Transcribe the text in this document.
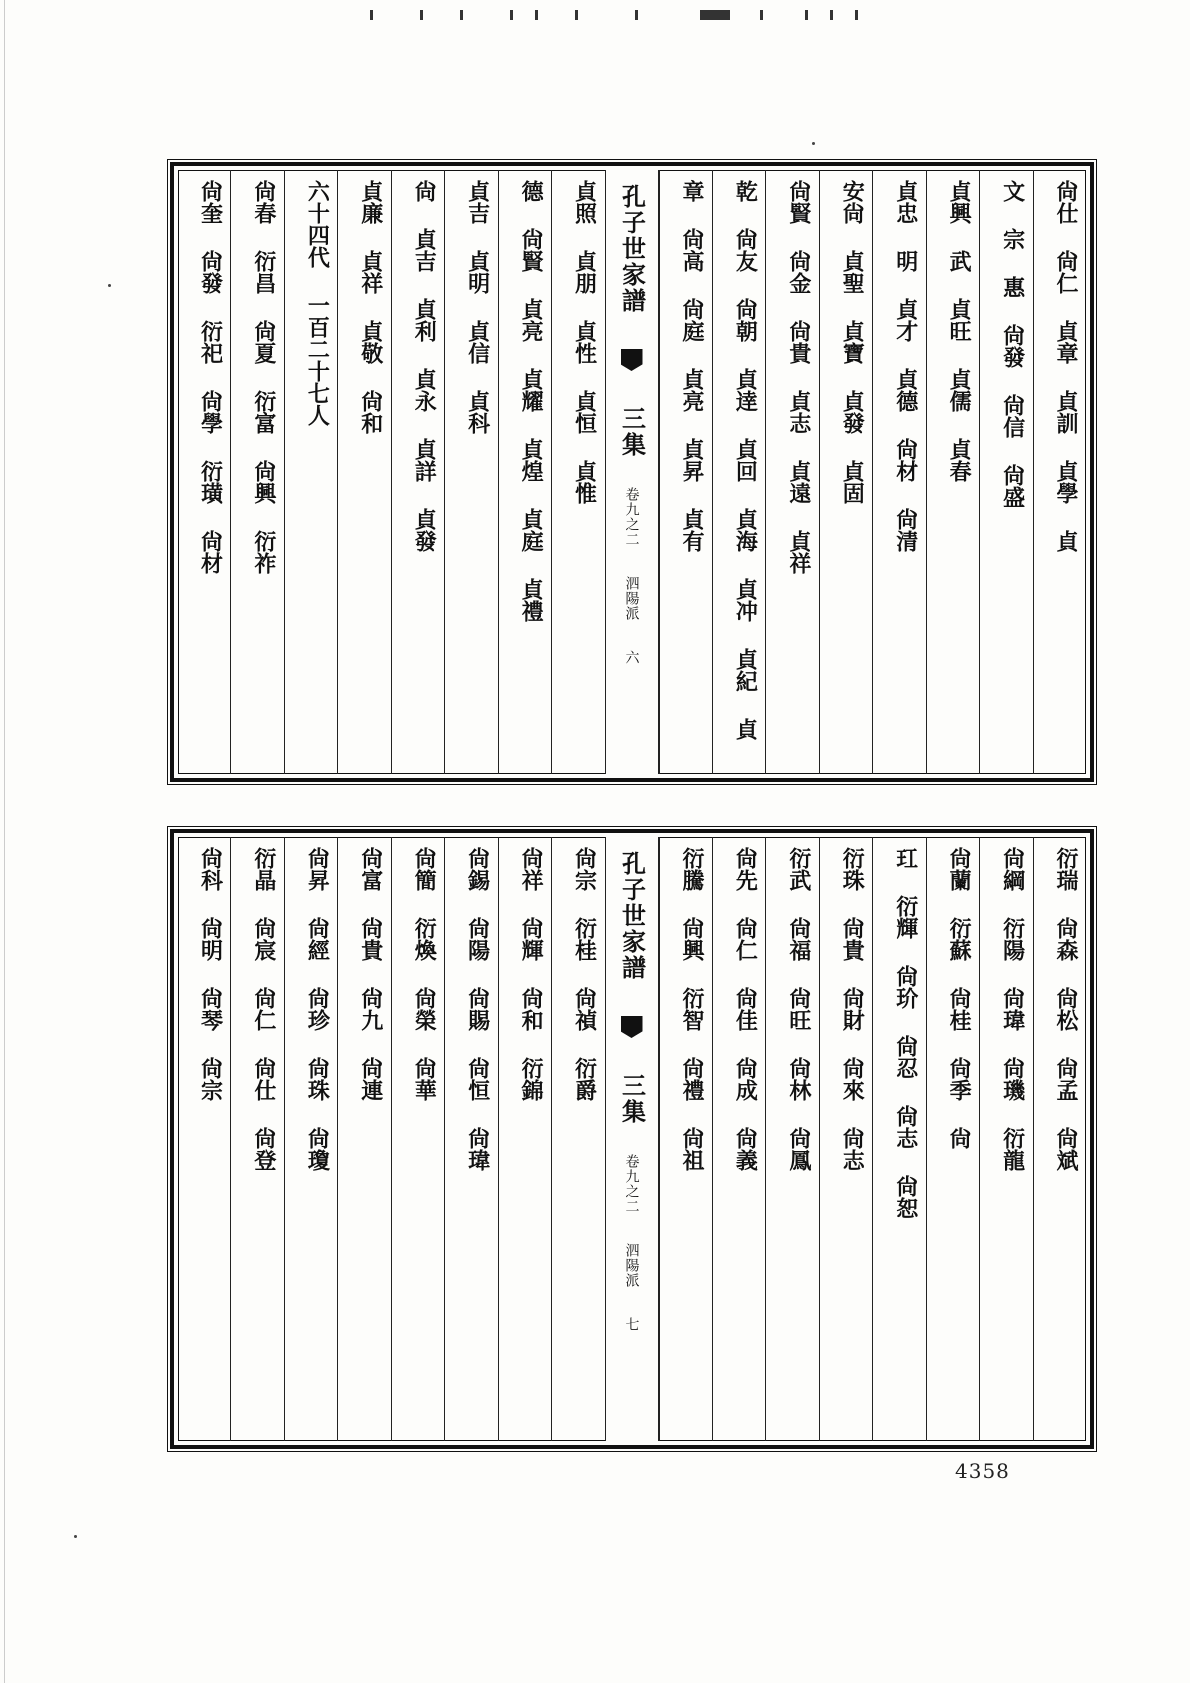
尙仕 尙仁 貞章 貞訓 貞學 貞
文 宗 惠 尙發 尙信 尙盛
貞興 武 貞旺 貞儒 貞春
貞忠 明 貞才 貞德 尙材 尙清
安尙 貞聖 貞寶 貞發 貞固
尙賢 尙金 尙貴 貞志 貞遠 貞祥
乾 尙友 尙朝 貞逹 貞回 貞海 貞冲 貞紀 貞
章 尙高 尙庭 貞亮 貞昇 貞有
孔子世家譜  三集 卷九之二 泗陽派 六
貞照 貞朋 貞性 貞恒 貞惟
德 尙賢 貞亮 貞耀 貞煌 貞庭 貞禮
貞吉 貞明 貞信 貞科
尙 貞吉 貞利 貞永 貞詳 貞發
貞廉 貞祥 貞敬 尙和
六十四代 一百二十七人
尙春 衍昌 尙夏 衍富 尙興 衍祚
尙奎 尙發 衍祀 尙學 衍璜 尙材
衍瑞 尙森 尙松 尙孟 尙斌
尙綱 衍陽 尙瑋 尙璣 衍龍
尙蘭 衍蘇 尙桂 尙季 尙
玒 衍輝 尙玠 尙忍 尙志 尙恕
衍珠 尙貴 尙財 尙來 尙志
衍武 尙福 尙旺 尙林 尙鳳
尙先 尙仁 尙佳 尙成 尙義
衍騰 尙興 衍智 尙禮 尙祖
孔子世家譜  三集 卷九之二 泗陽派 七
尙宗 衍桂 尙禎 衍爵
尙祥 尙輝 尙和 衍錦
尙錫 尙陽 尙賜 尙恒 尙瑋
尙簡 衍煥 尙榮 尙華
尙富 尙貴 尙九 尙連
尙昇 尙經 尙珍 尙珠 尙瓊
衍晶 尙宸 尙仁 尙仕 尙登
尙科 尙明 尙琴 尙宗
4358
